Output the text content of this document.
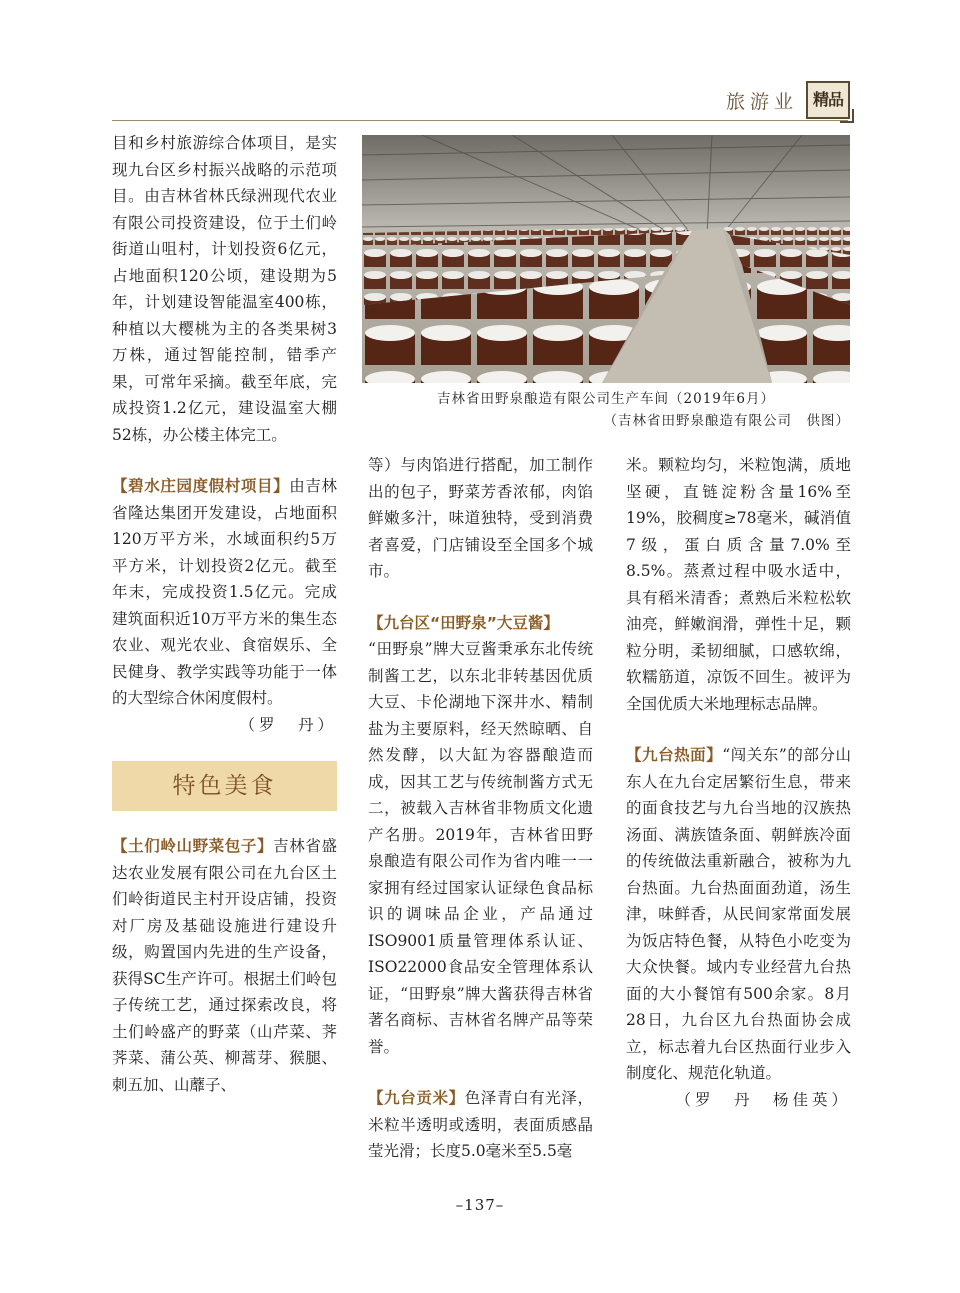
旅游业 精品

目和乡村旅游综合体项目，是实现九台区乡村振兴战略的示范项目。由吉林省林氏绿洲现代农业有限公司投资建设，位于土们岭街道山咀村，计划投资6亿元，占地面积120公顷，建设期为5年，计划建设智能温室400栋，种植以大樱桃为主的各类果树3万株，通过智能控制，错季产果，可常年采摘。截至年底，完成投资1.2亿元，建设温室大棚52栋，办公楼主体完工。

【碧水庄园度假村项目】由吉林省隆达集团开发建设，占地面积120万平方米，水域面积约5万平方米，计划投资2亿元。截至年末，完成投资1.5亿元。完成建筑面积近10万平方米的集生态农业、观光农业、食宿娱乐、全民健身、教学实践等功能于一体的大型综合休闲度假村。

（罗　丹）

特色美食

【土们岭山野菜包子】吉林省盛达农业发展有限公司在九台区土们岭街道民主村开设店铺，投资对厂房及基础设施进行建设升级，购置国内先进的生产设备，获得SC生产许可。根据土们岭包子传统工艺，通过探索改良，将土们岭盛产的野菜（山芹菜、荠荠菜、蒲公英、柳蒿芽、猴腿、刺五加、山蘼子、

吉林省田野泉酿造有限公司生产车间（2019年6月）
（吉林省田野泉酿造有限公司　供图）

等）与肉馅进行搭配，加工制作出的包子，野菜芳香浓郁，肉馅鲜嫩多汁，味道独特，受到消费者喜爱，门店铺设至全国多个城市。

【九台区“田野泉”大豆酱】
“田野泉”牌大豆酱秉承东北传统制酱工艺，以东北非转基因优质大豆、卡伦湖地下深井水、精制盐为主要原料，经天然晾晒、自然发酵，以大缸为容器酿造而成，因其工艺与传统制酱方式无二，被载入吉林省非物质文化遗产名册。2019年，吉林省田野泉酿造有限公司作为省内唯一一家拥有经过国家认证绿色食品标识的调味品企业，产品通过ISO9001质量管理体系认证、ISO22000食品安全管理体系认证，“田野泉”牌大酱获得吉林省著名商标、吉林省名牌产品等荣誉。

【九台贡米】色泽青白有光泽，米粒半透明或透明，表面质感晶莹光滑；长度5.0毫米至5.5毫

米。颗粒均匀，米粒饱满，质地坚硬，直链淀粉含量16%至19%，胶稠度≥78毫米，碱消值7级，蛋白质含量7.0%至8.5%。蒸煮过程中吸水适中，具有稻米清香；煮熟后米粒松软油亮，鲜嫩润滑，弹性十足，颗粒分明，柔韧细腻，口感软绵，软糯筋道，凉饭不回生。被评为全国优质大米地理标志品牌。

【九台热面】“闯关东”的部分山东人在九台定居繁衍生息，带来的面食技艺与九台当地的汉族热汤面、满族馇条面、朝鲜族冷面的传统做法重新融合，被称为九台热面。九台热面面劲道，汤生津，味鲜香，从民间家常面发展为饭店特色餐，从特色小吃变为大众快餐。域内专业经营九台热面的大小餐馆有500余家。8月28日，九台区九台热面协会成立，标志着九台区热面行业步入制度化、规范化轨道。

（罗　丹　杨佳英）

–137–
